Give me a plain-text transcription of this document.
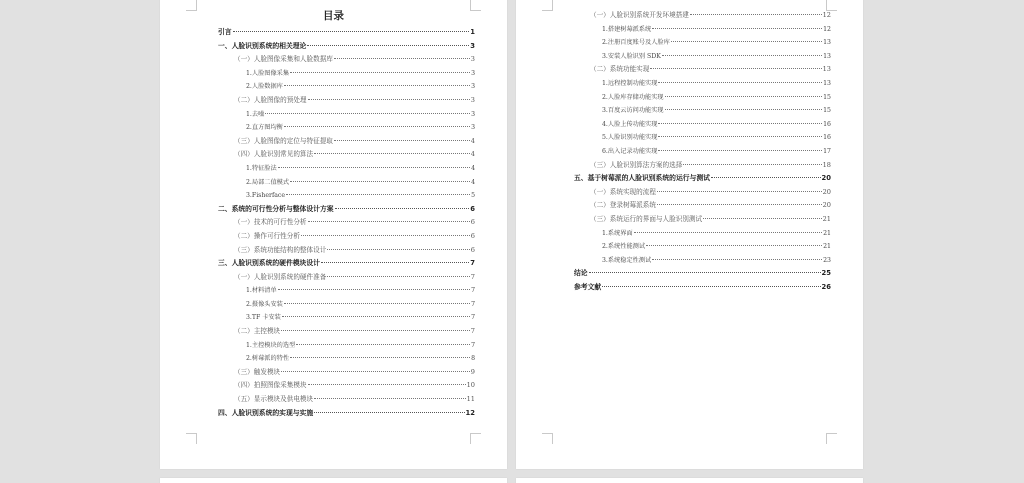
目录
引言	1
一、人脸识别系统的相关理论	3
（一）人脸图像采集和人脸数据库	3
1.人脸图像采集	3
2.人脸数据库	3
（二）人脸图像的预处理	3
1.去噪	3
2.直方图均衡	3
（三）人脸图像的定位与特征提取	4
（四）人脸识别常见的算法	4
1.特征脸法	4
2.局部二值模式	4
3.Fisherface	5
二、系统的可行性分析与整体设计方案	6
（一）技术的可行性分析	6
（二）操作可行性分析	6
（三）系统功能结构的整体设计	6
三、人脸识别系统的硬件模块设计	7
（一）人脸识别系统的硬件准备	7
1.材料清单	7
2.摄像头安装	7
3.TF 卡安装	7
（二）主控模块	7
1.主控模块的选型	7
2.树莓派的特性	8
（三）触发模块	9
（四）拍照图像采集模块	10
（五）显示模块及供电模块	11
四、人脸识别系统的实现与实施	12
（一）人脸识别系统开发环境搭建	12
1.搭建树莓派系统	12
2.注册百度账号及人脸库	13
3.安装人脸识别 SDK	13
（二）系统功能实现	13
1.远程控制功能实现	13
2.人脸库存储功能实现	15
3.百度云访问功能实现	15
4.人脸上传功能实现	16
5.人脸识别功能实现	16
6.出入记录功能实现	17
（三）人脸识别算法方案的选择	18
五、基于树莓派的人脸识别系统的运行与测试	20
（一）系统实现的流程	20
（二）登录树莓派系统	20
（三）系统运行的界面与人脸识别测试	21
1.系统界面	21
2.系统性能测试	21
3.系统稳定性测试	23
结论	25
参考文献	26
